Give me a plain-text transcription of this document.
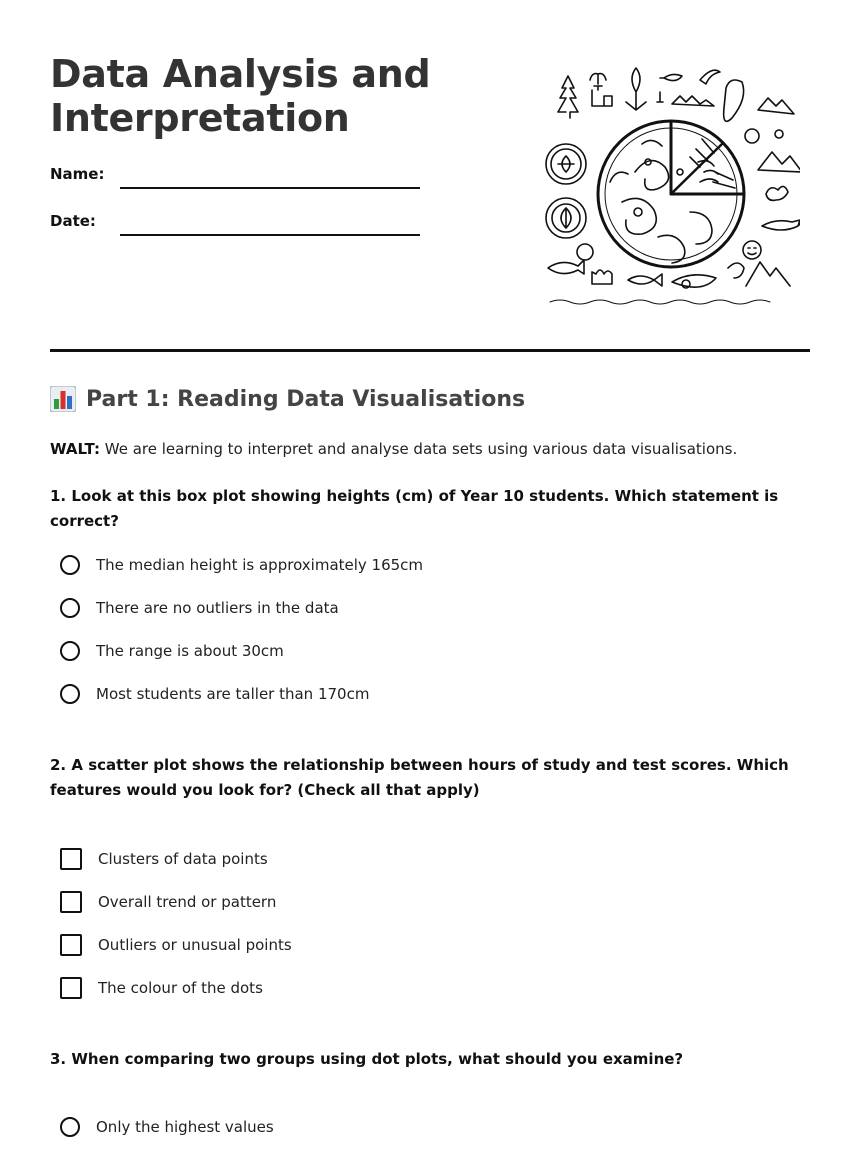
Data Analysis and
Interpretation
Name:
Date:
Part 1: Reading Data Visualisations
WALT: We are learning to interpret and analyse data sets using various data visualisations.
1. Look at this box plot showing heights (cm) of Year 10 students. Which statement is correct?
The median height is approximately 165cm
There are no outliers in the data
The range is about 30cm
Most students are taller than 170cm
2. A scatter plot shows the relationship between hours of study and test scores. Which features would you look for? (Check all that apply)
Clusters of data points
Overall trend or pattern
Outliers or unusual points
The colour of the dots
3. When comparing two groups using dot plots, what should you examine?
Only the highest values
